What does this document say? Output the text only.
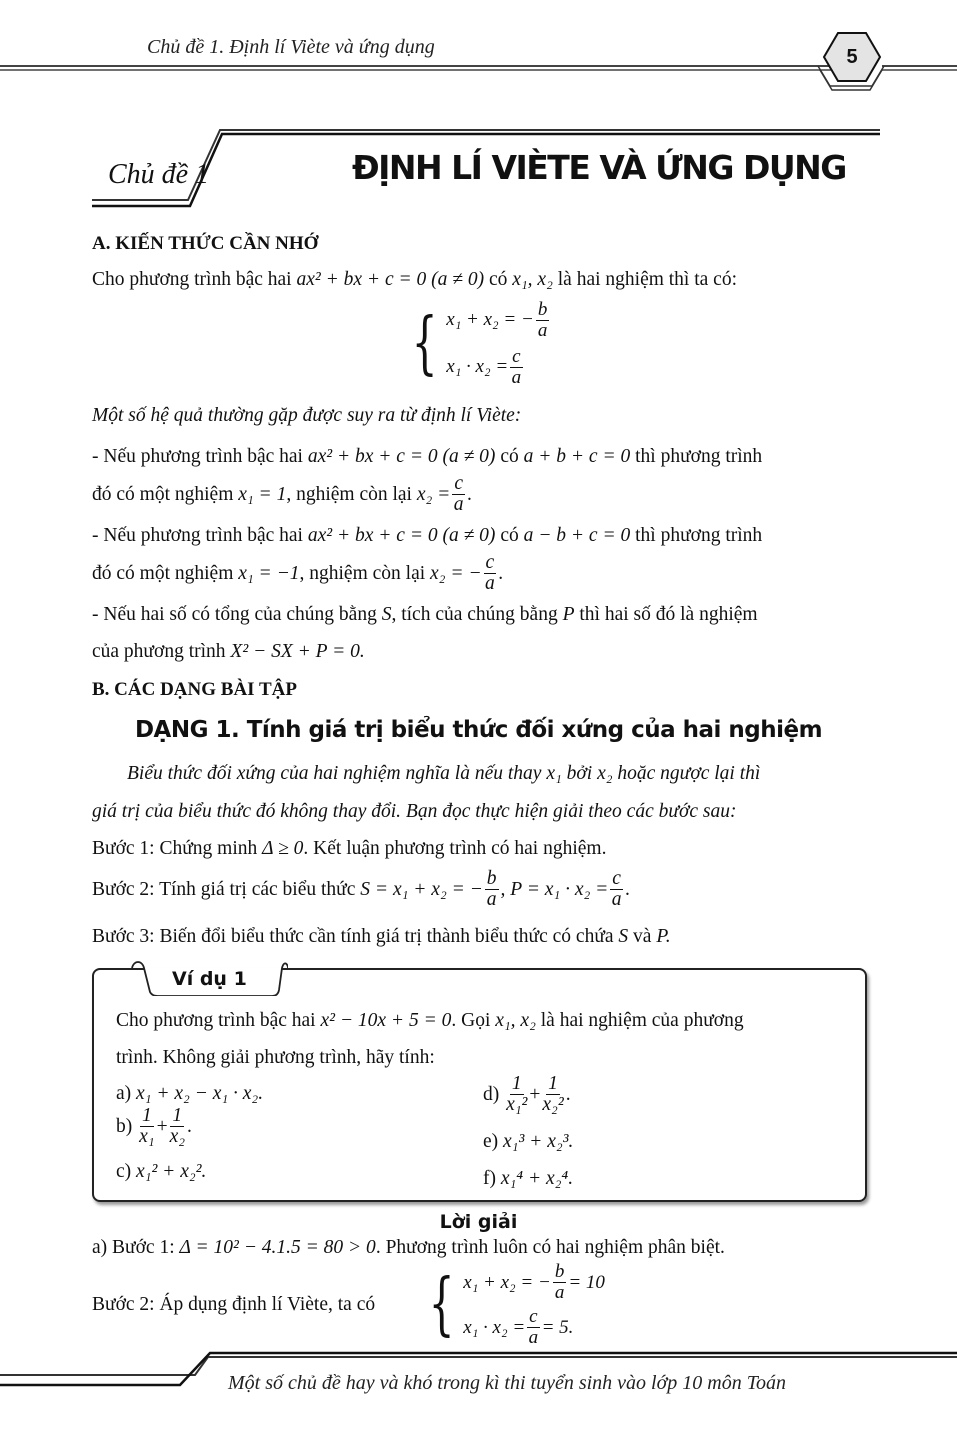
Chủ đề 1. Định lí Viète và ứng dụng	5
Chủ đề 1	ĐỊNH LÍ VIÈTE VÀ ỨNG DỤNG
A. KIẾN THỨC CẦN NHỚ
Cho phương trình bậc hai ax² + bx + c = 0 (a ≠ 0) có x₁, x₂ là hai nghiệm thì ta có:
{ x₁ + x₂ = − $\frac{b}{a}$
$x_1 \cdot x_2 = \frac{c}{a}$
Một số hệ quả thường gặp được suy ra từ định lí Viète:
- Nếu phương trình bậc hai ax² + bx + c = 0 (a ≠ 0) có a + b + c = 0 thì phương trình
đó có một nghiệm
x₁ = 1 , nghiệm còn lại
$x_2 = \frac{c}{a}$ .
- Nếu phương trình bậc hai ax² + bx + c = 0 (a ≠ 0) có a − b + c = 0 thì phương trình
đó có một nghiệm
x₁ = −1 , nghiệm còn lại
x₂ = − $\frac{c}{a}$ .
- Nếu hai số có tổng của chúng bằng S, tích của chúng bằng P thì hai số đó là nghiệm
của phương trình X² − SX + P = 0.
B. CÁC DẠNG BÀI TẬP
DẠNG 1. Tính giá trị biểu thức đối xứng của hai nghiệm
Biểu thức đối xứng của hai nghiệm nghĩa là nếu thay x₁ bởi x₂ hoặc ngược lại thì
giá trị của biểu thức đó không thay đổi. Bạn đọc thực hiện giải theo các bước sau:
Bước 1: Chứng minh Δ ≥ 0. Kết luận phương trình có hai nghiệm.
Bước 2: Tính giá trị các biểu thức
S = x₁ + x₂ = − $\frac{b}{a}$ , $P = x_1 \cdot x_2 = \frac{c}{a}$ .
Bước 3: Biến đổi biểu thức cần tính giá trị thành biểu thức có chứa S và P.
Ví dụ 1
Cho phương trình bậc hai x² − 10x + 5 = 0. Gọi x₁, x₂ là hai nghiệm của phương
trình. Không giải phương trình, hãy tính:
a) x₁ + x₂ − x₁ · x₂.
b)
$\frac{1}{\text{x₁}} + \frac{1}{\text{x₂}}$ .
c) x₁² + x₂².
d)
$\frac{1}{\text{x₁²}} + \frac{1}{\text{x₂²}}$ .
e) x₁³ + x₂³.
f) x₁⁴ + x₂⁴.
Lời giải
a) Bước 1: Δ = 10² − 4.1.5 = 80 > 0. Phương trình luôn có hai nghiệm phân biệt.
Bước 2: Áp dụng định lí Viète, ta có { x₁ + x₂ = − $\frac{b}{a} = 10$
$x_1 \cdot x_2 = \frac{c}{a} = 5$.
Một số chủ đề hay và khó trong kì thi tuyển sinh vào lớp 10 môn Toán
